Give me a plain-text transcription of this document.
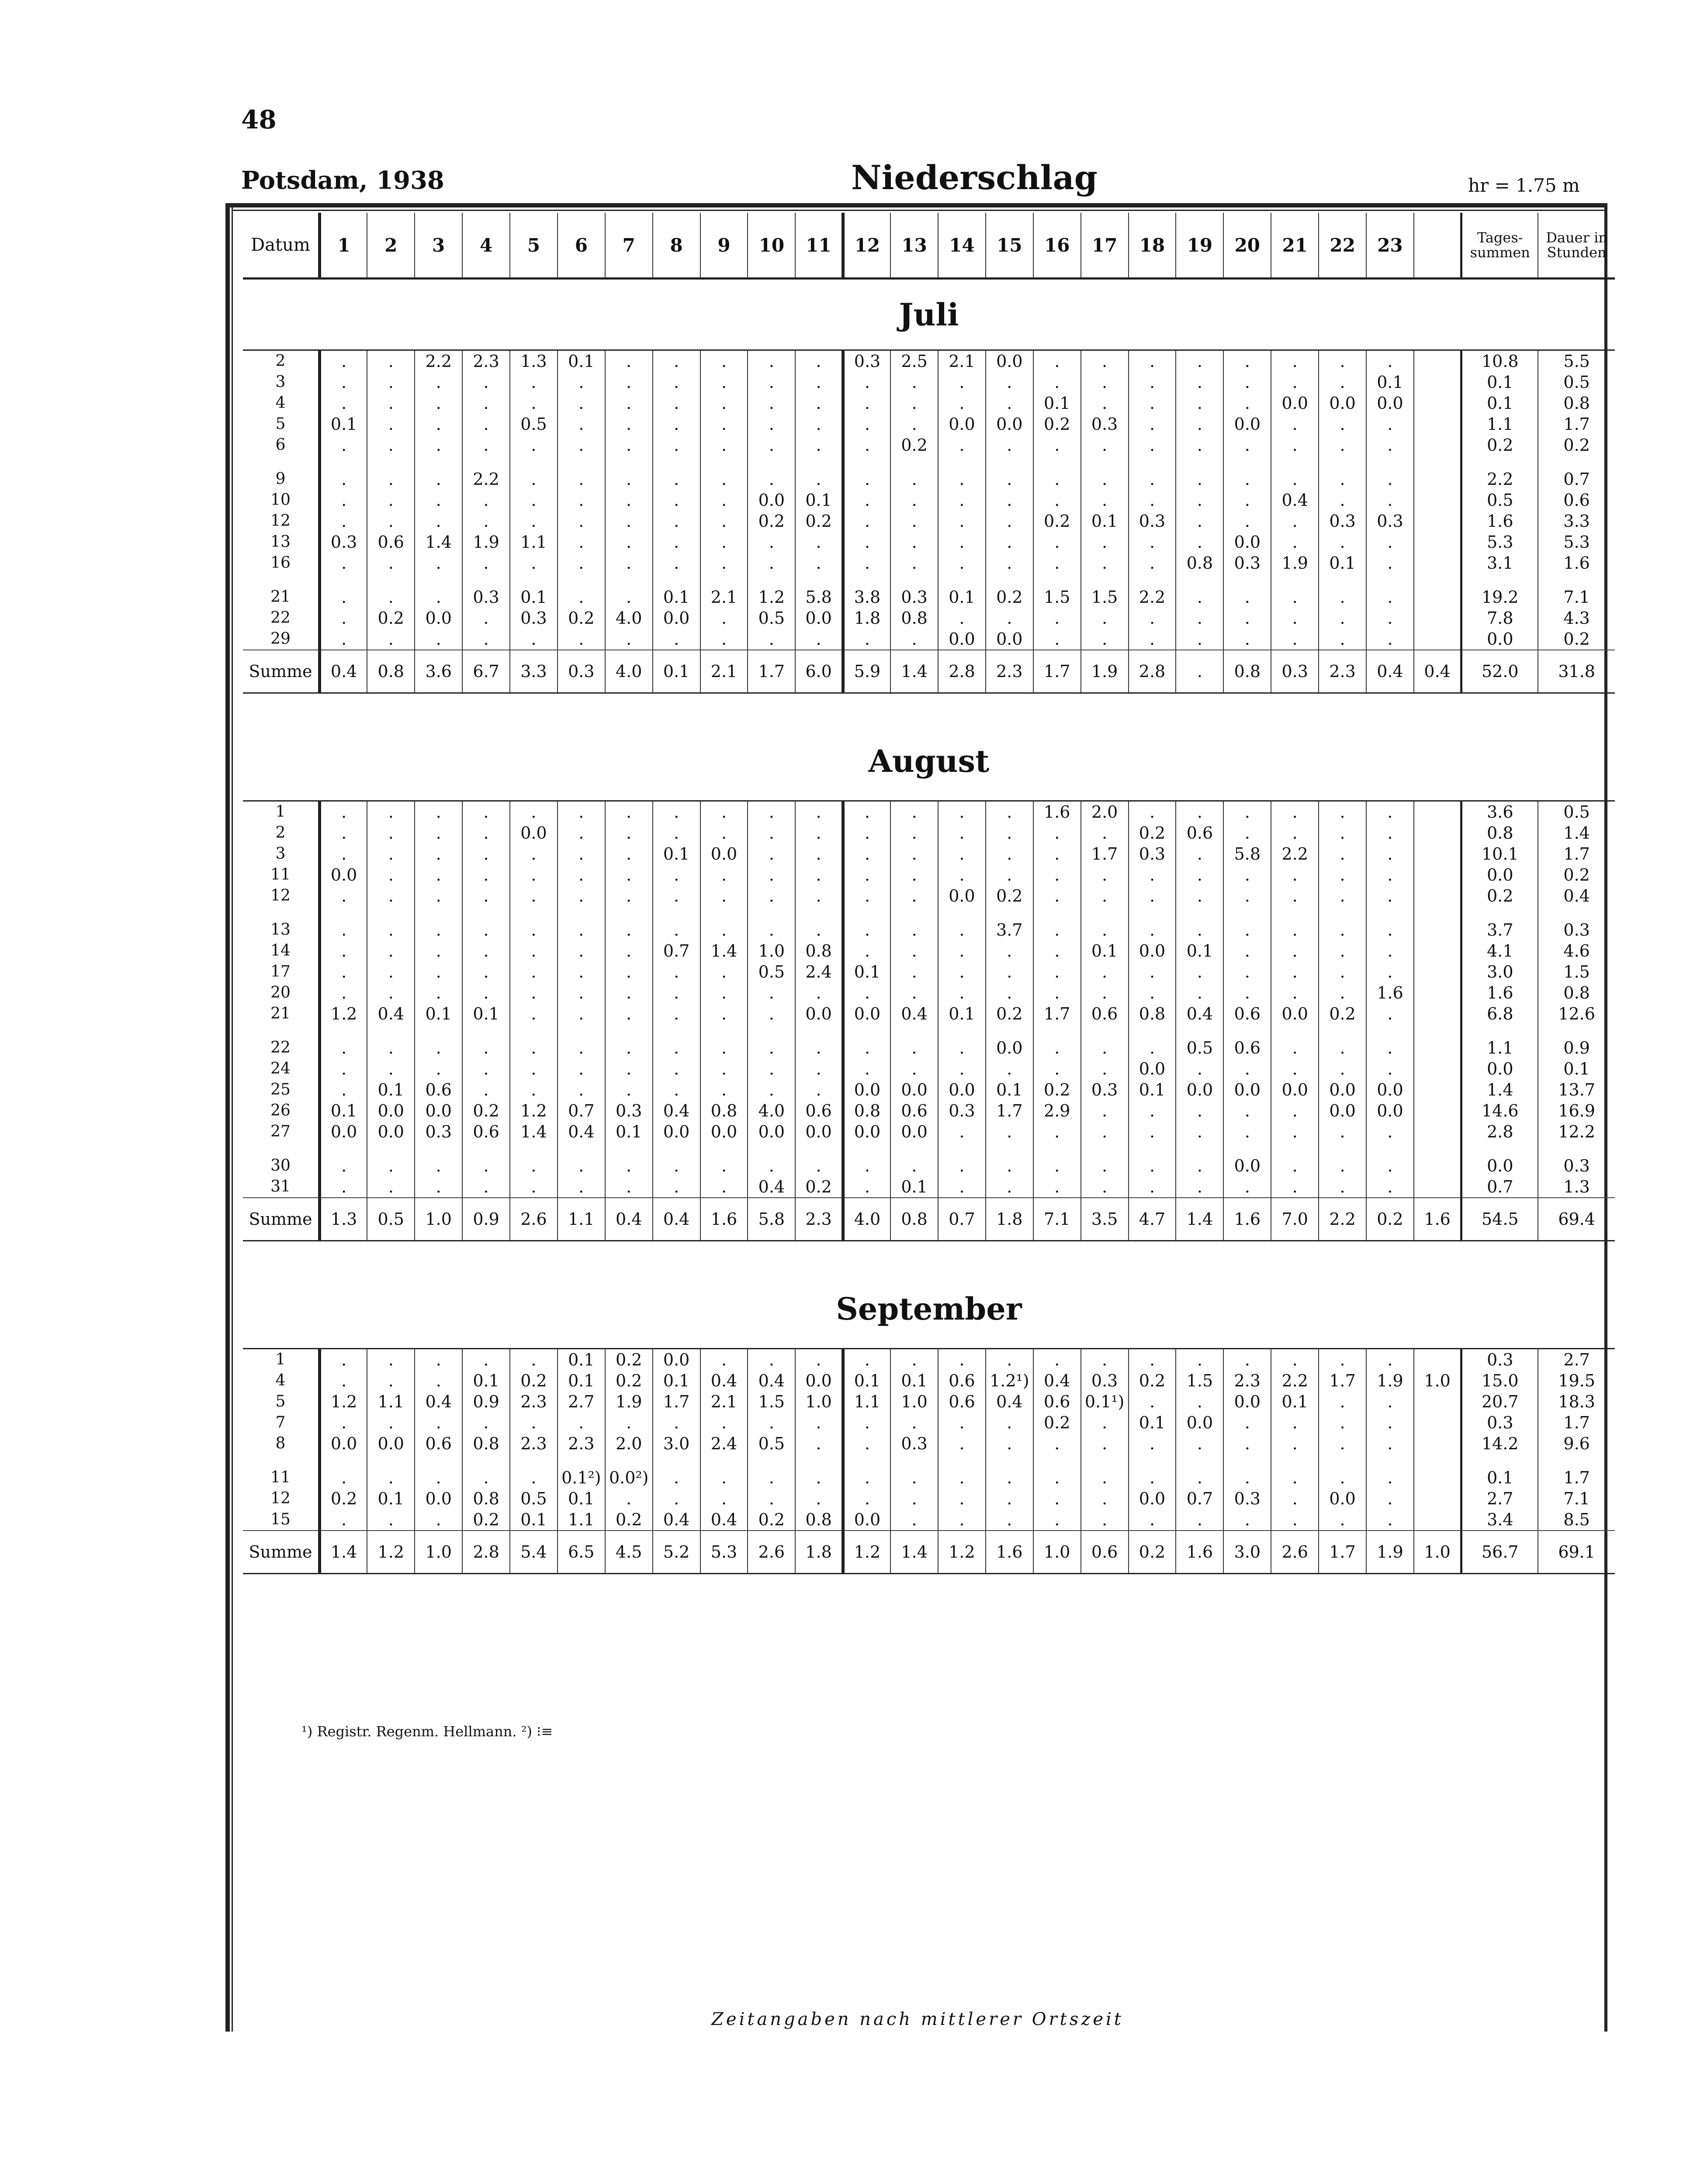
48
Potsdam, 1938	Niederschlag	hr = 1.75 m
Datum	1	2	3	4	5	6	7	8	9	10	11	12	13	14	15	16	17	18	19	20	21	22	23		Tages-summen	Dauer in Stunden
Juli																										
2	.	.	2.2	2.3	1.3	0.1	.	.	.	.	.	0.3	2.5	2.1	0.0	.	.	.	.	.	.	.	.		10.8	5.5
3	.	.	.	.	.	.	.	.	.	.	.	.	.	.	.	.	.	.	.	.	.	.	0.1		0.1	0.5
4	.	.	.	.	.	.	.	.	.	.	.	.	.	.	.	0.1	.	.	.	.	0.0	0.0	0.0		0.1	0.8
5	0.1	.	.	.	0.5	.	.	.	.	.	.	.	.	0.0	0.0	0.2	0.3	.	.	0.0	.	.	.		1.1	1.7
6	.	.	.	.	.	.	.	.	.	.	.	.	0.2	.	.	.	.	.	.	.	.	.	.		0.2	0.2

9	.	.	.	2.2	.	.	.	.	.	.	.	.	.	.	.	.	.	.	.	.	.	.	.		2.2	0.7
10	.	.	.	.	.	.	.	.	.	0.0	0.1	.	.	.	.	.	.	.	.	.	0.4	.	.		0.5	0.6
12	.	.	.	.	.	.	.	.	.	0.2	0.2	.	.	.	.	0.2	0.1	0.3	.	.	.	0.3	0.3		1.6	3.3
13	0.3	0.6	1.4	1.9	1.1	.	.	.	.	.	.	.	.	.	.	.	.	.	.	0.0	.	.	.		5.3	5.3
16	.	.	.	.	.	.	.	.	.	.	.	.	.	.	.	.	.	.	0.8	0.3	1.9	0.1	.		3.1	1.6

21	.	.	.	0.3	0.1	.	.	0.1	2.1	1.2	5.8	3.8	0.3	0.1	0.2	1.5	1.5	2.2	.	.	.	.	.		19.2	7.1
22	.	0.2	0.0	.	0.3	0.2	4.0	0.0	.	0.5	0.0	1.8	0.8	.	.	.	.	.	.	.	.	.	.		7.8	4.3
29	.	.	.	.	.	.	.	.	.	.	.	.	.	0.0	0.0	.	.	.	.	.	.	.	.		0.0	0.2
Summe	0.4	0.8	3.6	6.7	3.3	0.3	4.0	0.1	2.1	1.7	6.0	5.9	1.4	2.8	2.3	1.7	1.9	2.8	.	0.8	0.3	2.3	0.4	0.4	52.0	31.8

August																										
1	.	.	.	.	.	.	.	.	.	.	.	.	.	.	.	1.6	2.0	.	.	.	.	.	.		3.6	0.5
2	.	.	.	.	0.0	.	.	.	.	.	.	.	.	.	.	.	.	0.2	0.6	.	.	.	.		0.8	1.4
3	.	.	.	.	.	.	.	0.1	0.0	.	.	.	.	.	.	.	1.7	0.3	.	5.8	2.2	.	.		10.1	1.7
11	0.0	.	.	.	.	.	.	.	.	.	.	.	.	.	.	.	.	.	.	.	.	.	.		0.0	0.2
12	.	.	.	.	.	.	.	.	.	.	.	.	.	0.0	0.2	.	.	.	.	.	.	.	.		0.2	0.4

13	.	.	.	.	.	.	.	.	.	.	.	.	.	.	3.7	.	.	.	.	.	.	.	.		3.7	0.3
14	.	.	.	.	.	.	.	0.7	1.4	1.0	0.8	.	.	.	.	.	0.1	0.0	0.1	.	.	.	.		4.1	4.6
17	.	.	.	.	.	.	.	.	.	0.5	2.4	0.1	.	.	.	.	.	.	.	.	.	.	.		3.0	1.5
20	.	.	.	.	.	.	.	.	.	.	.	.	.	.	.	.	.	.	.	.	.	.	1.6		1.6	0.8
21	1.2	0.4	0.1	0.1	.	.	.	.	.	.	0.0	0.0	0.4	0.1	0.2	1.7	0.6	0.8	0.4	0.6	0.0	0.2	.		6.8	12.6

22	.	.	.	.	.	.	.	.	.	.	.	.	.	.	0.0	.	.	.	0.5	0.6	.	.	.		1.1	0.9
24	.	.	.	.	.	.	.	.	.	.	.	.	.	.	.	.	.	0.0	.	.	.	.	.		0.0	0.1
25	.	0.1	0.6	.	.	.	.	.	.	.	.	0.0	0.0	0.0	0.1	0.2	0.3	0.1	0.0	0.0	0.0	0.0	0.0		1.4	13.7
26	0.1	0.0	0.0	0.2	1.2	0.7	0.3	0.4	0.8	4.0	0.6	0.8	0.6	0.3	1.7	2.9	.	.	.	.	.	0.0	0.0		14.6	16.9
27	0.0	0.0	0.3	0.6	1.4	0.4	0.1	0.0	0.0	0.0	0.0	0.0	0.0	.	.	.	.	.	.	.	.	.	.		2.8	12.2

30	.	.	.	.	.	.	.	.	.	.	.	.	.	.	.	.	.	.	.	0.0	.	.	.		0.0	0.3
31	.	.	.	.	.	.	.	.	.	0.4	0.2	.	0.1	.	.	.	.	.	.	.	.	.	.		0.7	1.3
Summe	1.3	0.5	1.0	0.9	2.6	1.1	0.4	0.4	1.6	5.8	2.3	4.0	0.8	0.7	1.8	7.1	3.5	4.7	1.4	1.6	7.0	2.2	0.2	1.6	54.5	69.4

September																										
1	.	.	.	.	.	0.1	0.2	0.0	.	.	.	.	.	.	.	.	.	.	.	.	.	.	.		0.3	2.7
4	.	.	.	0.1	0.2	0.1	0.2	0.1	0.4	0.4	0.0	0.1	0.1	0.6	1.2¹)	0.4	0.3	0.2	1.5	2.3	2.2	1.7	1.9	1.0	15.0	19.5
5	1.2	1.1	0.4	0.9	2.3	2.7	1.9	1.7	2.1	1.5	1.0	1.1	1.0	0.6	0.4	0.6	0.1¹)	.	.	0.0	0.1	.	.		20.7	18.3
7	.	.	.	.	.	.	.	.	.	.	.	.	.	.	.	0.2	.	0.1	0.0	.	.	.	.		0.3	1.7
8	0.0	0.0	0.6	0.8	2.3	2.3	2.0	3.0	2.4	0.5	.	.	0.3	.	.	.	.	.	.	.	.	.	.		14.2	9.6

11	.	.	.	.	.	0.1²)	0.0²)	.	.	.	.	.	.	.	.	.	.	.	.	.	.	.	.		0.1	1.7
12	0.2	0.1	0.0	0.8	0.5	0.1	.	.	.	.	.	.	.	.	.	.	.	0.0	0.7	0.3	.	0.0	.		2.7	7.1
15	.	.	.	0.2	0.1	1.1	0.2	0.4	0.4	0.2	0.8	0.0	.	.	.	.	.	.	.	.	.	.	.		3.4	8.5
Summe	1.4	1.2	1.0	2.8	5.4	6.5	4.5	5.2	5.3	2.6	1.8	1.2	1.4	1.2	1.6	1.0	0.6	0.2	1.6	3.0	2.6	1.7	1.9	1.0	56.7	69.1

¹) Registr. Regenm. Hellmann. ²) ⁝≡
Zeitangaben nach mittlerer Ortszeit
